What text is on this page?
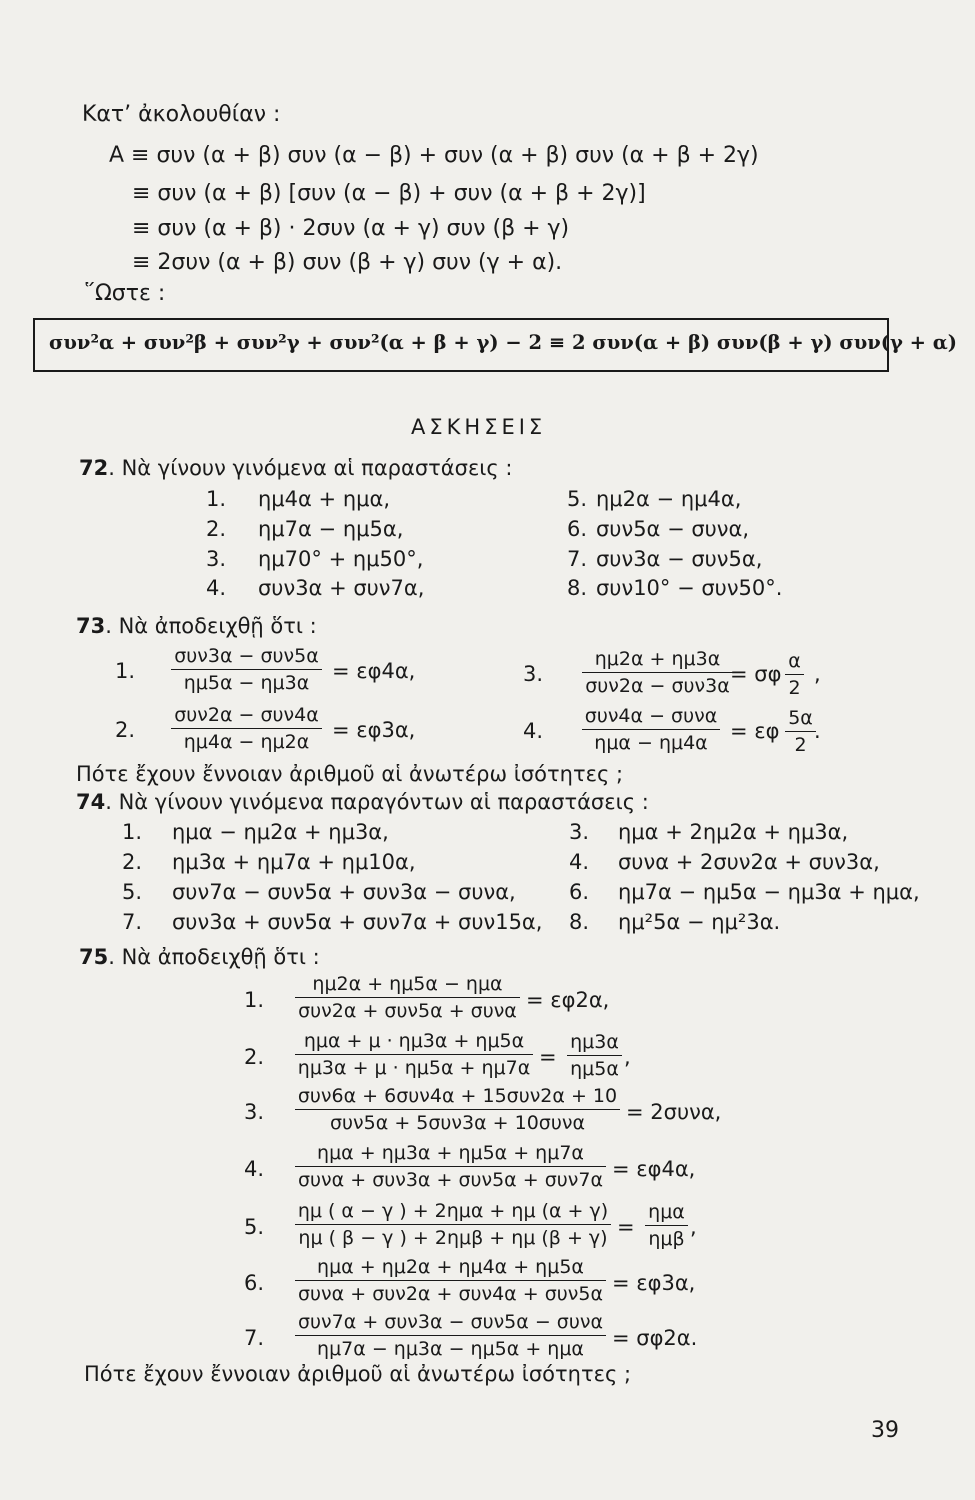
Κατ’ ἀκολουθίαν :
Α ≡ συν (α + β) συν (α − β) + συν (α + β) συν (α + β + 2γ)
≡ συν (α + β) [συν (α − β) + συν (α + β + 2γ)]
≡ συν (α + β) · 2συν (α + γ) συν (β + γ)
≡ 2συν (α + β) συν (β + γ) συν (γ + α).
῞Ωστε :
συν²α + συν²β + συν²γ + συν²(α + β + γ) − 2 ≡ 2 συν(α + β) συν(β + γ) συν(γ + α)
ΑΣΚΗΣΕΙΣ
72. Νὰ γίνουν γινόμενα αἱ παραστάσεις :
1. ημ4α + ημα,
2. ημ7α − ημ5α,
3. ημ70° + ημ50°,
4. συν3α + συν7α,
5. ημ2α − ημ4α,
6. συν5α − συνα,
7. συν3α − συν5α,
8. συν10° − συν50°.
73. Νὰ ἀποδειχθῇ ὅτι :
1.
συν3α − συν5α
ημ5α − ημ3α	= εφ4α,
2.
συν2α − συν4α
ημ4α − ημ2α	= εφ3α,
3.
ημ2α + ημ3α
συν2α − συν3α = σφ
α
2
,
4.
συν4α − συνα
ημα − ημ4α	= εφ
5α
2
.
Πότε ἔχουν ἔννοιαν ἀριθμοῦ αἱ ἀνωτέρω ἰσότητες ;
74. Νὰ γίνουν γινόμενα παραγόντων αἱ παραστάσεις :
1. ημα − ημ2α + ημ3α,
2. ημ3α + ημ7α + ημ10α,
5. συν7α − συν5α + συν3α − συνα,
7. συν3α + συν5α + συν7α + συν15α,
3. ημα + 2ημ2α + ημ3α,
4. συνα + 2συν2α + συν3α,
6. ημ7α − ημ5α − ημ3α + ημα,
8. ημ²5α − ημ²3α.
75. Νὰ ἀποδειχθῇ ὅτι :
1.
ημ2α + ημ5α − ημα
συν2α + συν5α + συνα = εφ2α,
2.
ημα + μ · ημ3α + ημ5α
ημ3α + μ · ημ5α + ημ7α =
ημ3α
ημ5α ,
3.
συν6α + 6συν4α + 15συν2α + 10
συν5α + 5συν3α + 10συνα	= 2συνα,
4.
ημα + ημ3α + ημ5α + ημ7α
συνα + συν3α + συν5α + συν7α = εφ4α,
5.
ημ ( α − γ ) + 2ημα + ημ (α + γ)
ημ ( β − γ ) + 2ημβ + ημ (β + γ) =
ημα
ημβ ,
6.
ημα + ημ2α + ημ4α + ημ5α
συνα + συν2α + συν4α + συν5α = εφ3α,
7.
συν7α + συν3α − συν5α − συνα
ημ7α − ημ3α − ημ5α + ημα	= σφ2α.
Πότε ἔχουν ἔννοιαν ἀριθμοῦ αἱ ἀνωτέρω ἰσότητες ;
39
